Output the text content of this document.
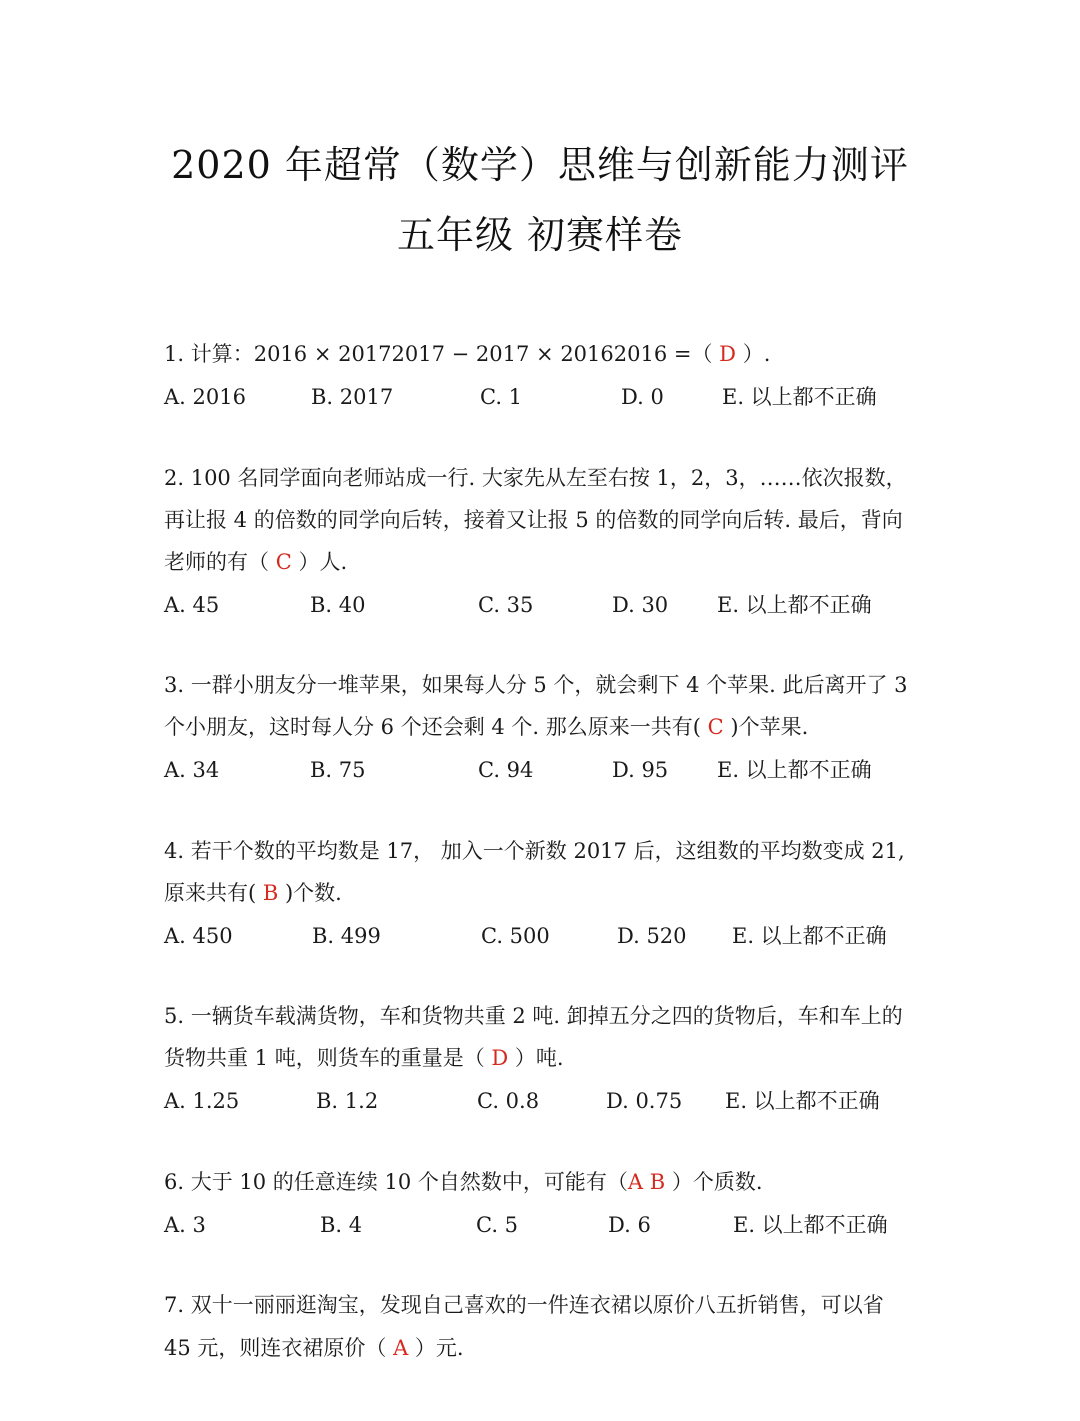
2020 年超常（数学）思维与创新能力测评
五年级 初赛样卷
1. 计算：2016 × 20172017 − 2017 × 20162016 =（ D ）.
A. 2016	B. 2017	C. 1	D. 0	E. 以上都不正确
2. 100 名同学面向老师站成一行. 大家先从左至右按 1，2，3，……依次报数，
再让报 4 的倍数的同学向后转，接着又让报 5 的倍数的同学向后转. 最后，背向
老师的有（ C ）人.
A. 45	B. 40	C. 35	D. 30 E. 以上都不正确
3. 一群小朋友分一堆苹果，如果每人分 5 个，就会剩下 4 个苹果. 此后离开了 3
个小朋友，这时每人分 6 个还会剩 4 个. 那么原来一共有( C )个苹果.
A. 34	B. 75	C. 94	D. 95 E. 以上都不正确
4. 若干个数的平均数是 17， 加入一个新数 2017 后，这组数的平均数变成 21,
原来共有( B )个数.
A. 450	B. 499	C. 500	D. 520 E. 以上都不正确
5. 一辆货车载满货物，车和货物共重 2 吨. 卸掉五分之四的货物后，车和车上的
货物共重 1 吨，则货车的重量是（ D ）吨.
A. 1.25	B. 1.2	C. 0.8	D. 0.75 E. 以上都不正确
6. 大于 10 的任意连续 10 个自然数中，可能有（A B ）个质数.
A. 3	B. 4	C. 5	D. 6	E. 以上都不正确
7. 双十一丽丽逛淘宝，发现自己喜欢的一件连衣裙以原价八五折销售，可以省
45 元，则连衣裙原价（ A ）元.
